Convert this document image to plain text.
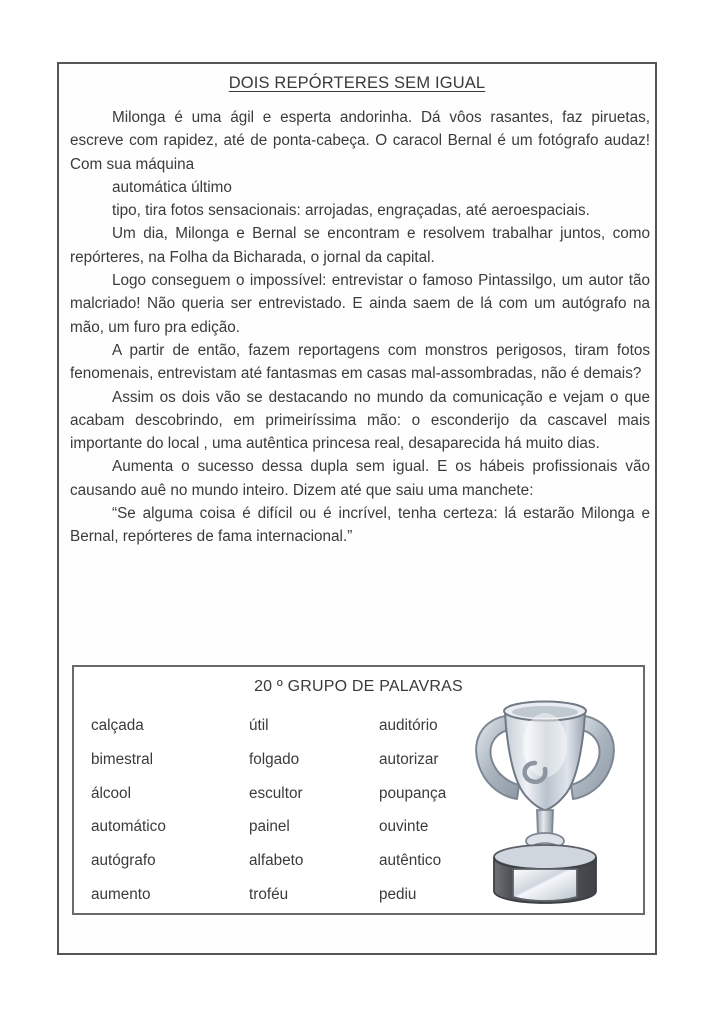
DOIS REPÓRTERES SEM IGUAL

Milonga é uma ágil e esperta andorinha. Dá vôos rasantes, faz piruetas, escreve com rapidez, até de ponta-cabeça. O caracol Bernal é um fotógrafo audaz! Com sua máquina
automática último
tipo, tira fotos sensacionais: arrojadas, engraçadas, até aeroespaciais.

Um dia, Milonga e Bernal se encontram e resolvem trabalhar juntos, como repórteres, na Folha da Bicharada, o jornal da capital.

Logo conseguem o impossível: entrevistar o famoso Pintassilgo, um autor tão malcriado! Não queria ser entrevistado. E ainda saem de lá com um autógrafo na mão, um furo pra edição.

A partir de então, fazem reportagens com monstros perigosos, tiram fotos fenomenais, entrevistam até fantasmas em casas mal-assombradas, não é demais?

Assim os dois vão se destacando no mundo da comunicação e vejam o que acabam descobrindo, em primeiríssima mão: o esconderijo da cascavel mais importante do local , uma autêntica princesa real, desaparecida há muito dias.

Aumenta o sucesso dessa dupla sem igual. E os hábeis profissionais vão causando auê no mundo inteiro. Dizem até que saiu uma manchete:

“Se alguma coisa é difícil ou é incrível, tenha certeza: lá estarão Milonga e Bernal, repórteres de fama internacional.”

20 º GRUPO DE PALAVRAS
calçada
bimestral
álcool
automático
autógrafo
aumento
útil
folgado
escultor
painel
alfabeto
troféu
auditório
autorizar
poupança
ouvinte
autêntico
pediu
